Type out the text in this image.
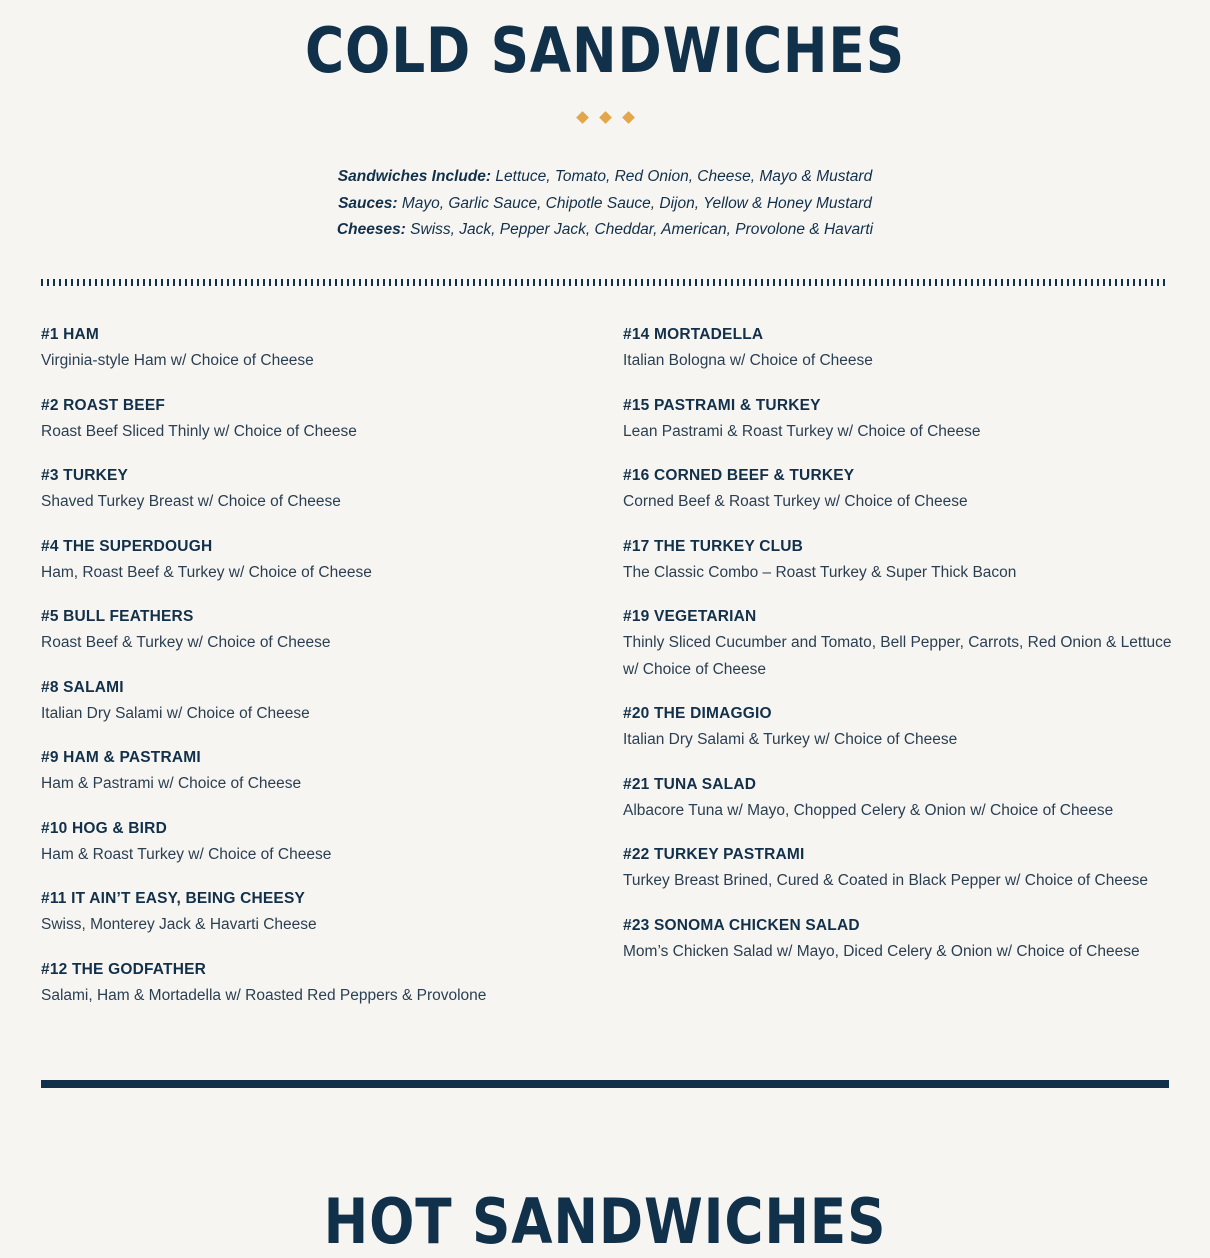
COLD SANDWICHES
Sandwiches Include: Lettuce, Tomato, Red Onion, Cheese, Mayo & Mustard
Sauces: Mayo, Garlic Sauce, Chipotle Sauce, Dijon, Yellow & Honey Mustard
Cheeses: Swiss, Jack, Pepper Jack, Cheddar, American, Provolone & Havarti
#1 HAM
Virginia-style Ham w/ Choice of Cheese
#2 ROAST BEEF
Roast Beef Sliced Thinly w/ Choice of Cheese
#3 TURKEY
Shaved Turkey Breast w/ Choice of Cheese
#4 THE SUPERDOUGH
Ham, Roast Beef & Turkey w/ Choice of Cheese
#5 BULL FEATHERS
Roast Beef & Turkey w/ Choice of Cheese
#8 SALAMI
Italian Dry Salami w/ Choice of Cheese
#9 HAM & PASTRAMI
Ham & Pastrami w/ Choice of Cheese
#10 HOG & BIRD
Ham & Roast Turkey w/ Choice of Cheese
#11 IT AIN’T EASY, BEING CHEESY
Swiss, Monterey Jack & Havarti Cheese
#12 THE GODFATHER
Salami, Ham & Mortadella w/ Roasted Red Peppers & Provolone
#14 MORTADELLA
Italian Bologna w/ Choice of Cheese
#15 PASTRAMI & TURKEY
Lean Pastrami & Roast Turkey w/ Choice of Cheese
#16 CORNED BEEF & TURKEY
Corned Beef & Roast Turkey w/ Choice of Cheese
#17 THE TURKEY CLUB
The Classic Combo – Roast Turkey & Super Thick Bacon
#19 VEGETARIAN
Thinly Sliced Cucumber and Tomato, Bell Pepper, Carrots, Red Onion & Lettuce w/ Choice of Cheese
#20 THE DIMAGGIO
Italian Dry Salami & Turkey w/ Choice of Cheese
#21 TUNA SALAD
Albacore Tuna w/ Mayo, Chopped Celery & Onion w/ Choice of Cheese
#22 TURKEY PASTRAMI
Turkey Breast Brined, Cured & Coated in Black Pepper w/ Choice of Cheese
#23 SONOMA CHICKEN SALAD
Mom’s Chicken Salad w/ Mayo, Diced Celery & Onion w/ Choice of Cheese
HOT SANDWICHES
